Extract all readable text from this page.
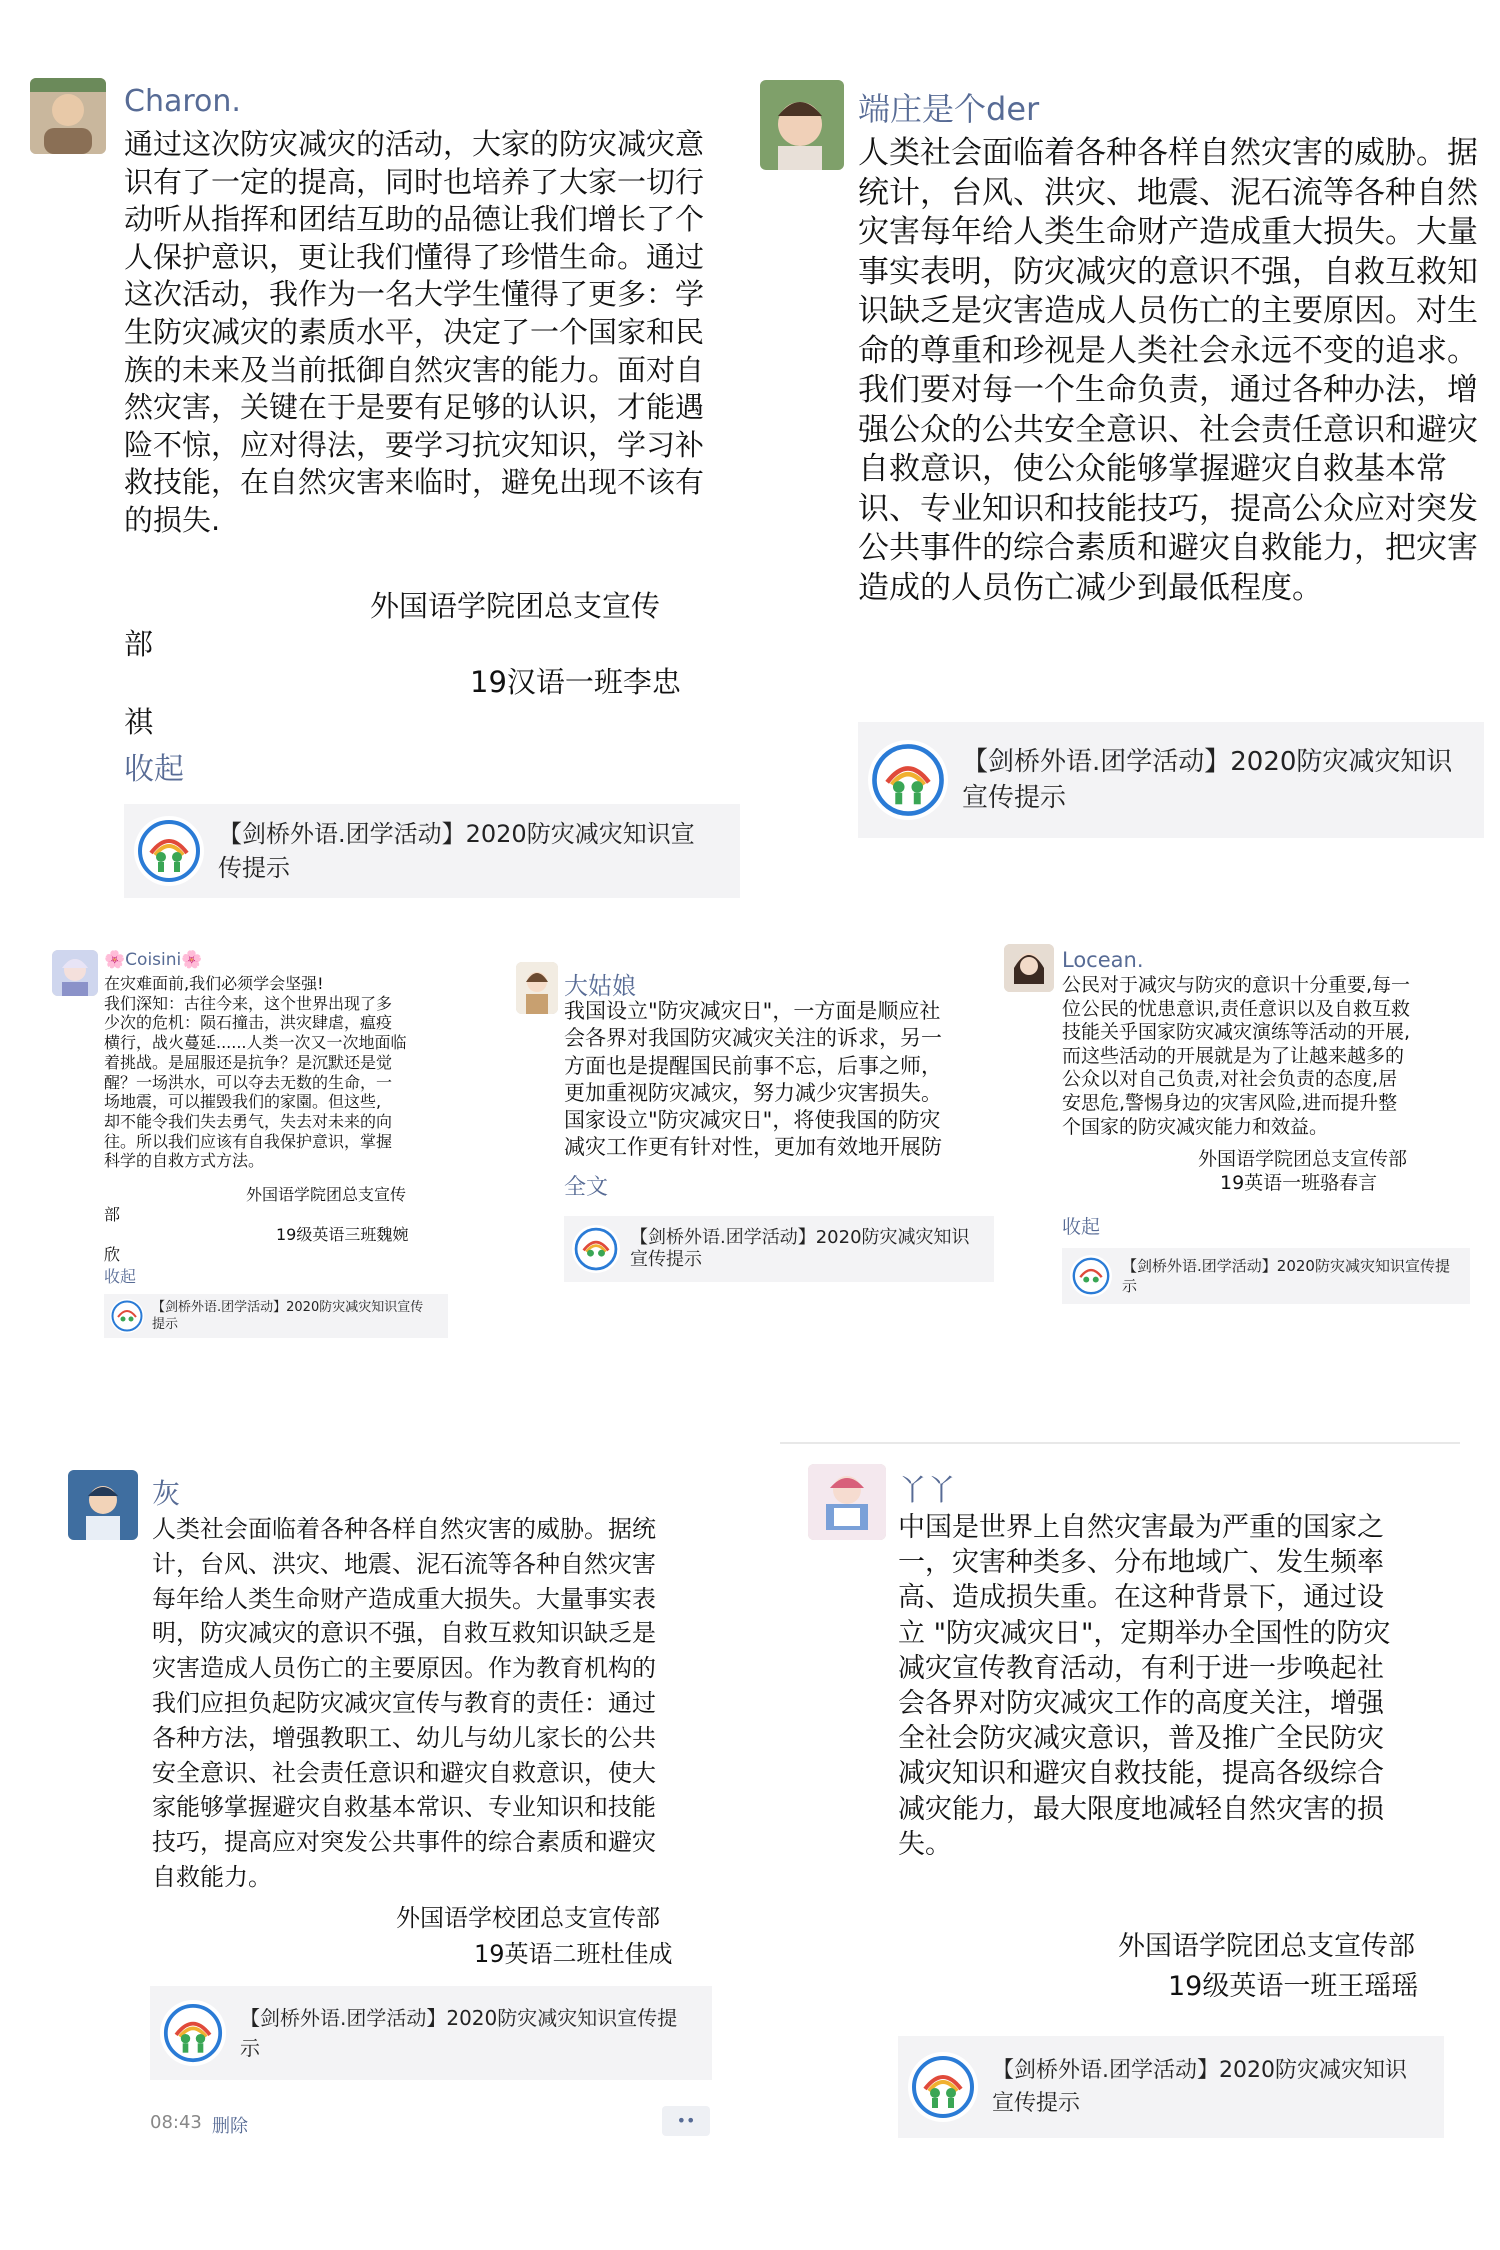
Charon.

通过这次防灾减灾的活动，大家的防灾减灾意识有了一定的提高，同时也培养了大家一切行动听从指挥和团结互助的品德让我们增长了个人保护意识，更让我们懂得了珍惜生命。通过这次活动，我作为一名大学生懂得了更多：学生防灾减灾的素质水平，决定了一个国家和民族的未来及当前抵御自然灾害的能力。面对自然灾害，关键在于是要有足够的认识，才能遇险不惊，应对得法，要学习抗灾知识，学习补救技能，在自然灾害来临时，避免出现不该有的损失.

外国语学院团总支宣传
部
19汉语一班李忠
祺
收起
【剑桥外语.团学活动】2020防灾减灾知识宣传提示
端庄是个der

人类社会面临着各种各样自然灾害的威胁。据统计，台风、洪灾、地震、泥石流等各种自然灾害每年给人类生命财产造成重大损失。大量事实表明，防灾减灾的意识不强，自救互救知识缺乏是灾害造成人员伤亡的主要原因。对生命的尊重和珍视是人类社会永远不变的追求。我们要对每一个生命负责，通过各种办法，增强公众的公共安全意识、社会责任意识和避灾自救意识，使公众能够掌握避灾自救基本常识、专业知识和技能技巧，提高公众应对突发公共事件的综合素质和避灾自救能力，把灾害造成的人员伤亡减少到最低程度。

【剑桥外语.团学活动】2020防灾减灾知识宣传提示
🌸Coisini🌸

在灾难面前,我们必须学会坚强!

我们深知：古往今来，这个世界出现了多

少次的危机：陨石撞击，洪灾肆虐，瘟疫

横行，战火蔓延......人类一次又一次地面临

着挑战。是屈服还是抗争？是沉默还是觉

醒？一场洪水，可以夺去无数的生命，一

场地震，可以摧毁我们的家園。但这些,

却不能令我们失去勇气，失去对未来的向

往。所以我们应该有自我保护意识，掌握

科学的自救方式方法。

外国语学院团总支宣传
部
19级英语三班魏婉
欣
收起
【剑桥外语.团学活动】2020防灾减灾知识宣传提示
大姑娘

我国设立"防灾减灾日"，一方面是顺应社

会各界对我国防灾减灾关注的诉求，另一

方面也是提醒国民前事不忘，后事之师，

更加重视防灾减灾，努力减少灾害损失。

国家设立"防灾减灾日"，将使我国的防灾

减灾工作更有针对性，更加有效地开展防

全文
【剑桥外语.团学活动】2020防灾减灾知识宣传提示
Locean.

公民对于减灾与防灾的意识十分重要,每一

位公民的忧患意识,责任意识以及自救互救

技能关乎国家防灾减灾演练等活动的开展,

而这些活动的开展就是为了让越来越多的

公众以对自己负责,对社会负责的态度,居

安思危,警惕身边的灾害风险,进而提升整

个国家的防灾减灾能力和效益。

外国语学院团总支宣传部
19英语一班骆春言
收起
【剑桥外语.团学活动】2020防灾减灾知识宣传提示
灰

人类社会面临着各种各样自然灾害的威胁。据统

计，台风、洪灾、地震、泥石流等各种自然灾害

每年给人类生命财产造成重大损失。大量事实表

明，防灾减灾的意识不强，自救互救知识缺乏是

灾害造成人员伤亡的主要原因。作为教育机构的

我们应担负起防灾减灾宣传与教育的责任：通过

各种方法，增强教职工、幼儿与幼儿家长的公共

安全意识、社会责任意识和避灾自救意识，使大

家能够掌握避灾自救基本常识、专业知识和技能

技巧，提高应对突发公共事件的综合素质和避灾

自救能力。

外国语学校团总支宣传部
19英语二班杜佳成
【剑桥外语.团学活动】2020防灾减灾知识宣传提示
08:43 删除	••
丫丫

中国是世界上自然灾害最为严重的国家之

一，灾害种类多、分布地域广、发生频率

高、造成损失重。在这种背景下，通过设

立 "防灾减灾日"，定期举办全国性的防灾

减灾宣传教育活动，有利于进一步唤起社

会各界对防灾减灾工作的高度关注，增强

全社会防灾减灾意识，普及推广全民防灾

减灾知识和避灾自救技能，提高各级综合

减灾能力，最大限度地减轻自然灾害的损

失。

外国语学院团总支宣传部
19级英语一班王瑶瑶
【剑桥外语.团学活动】2020防灾减灾知识宣传提示
